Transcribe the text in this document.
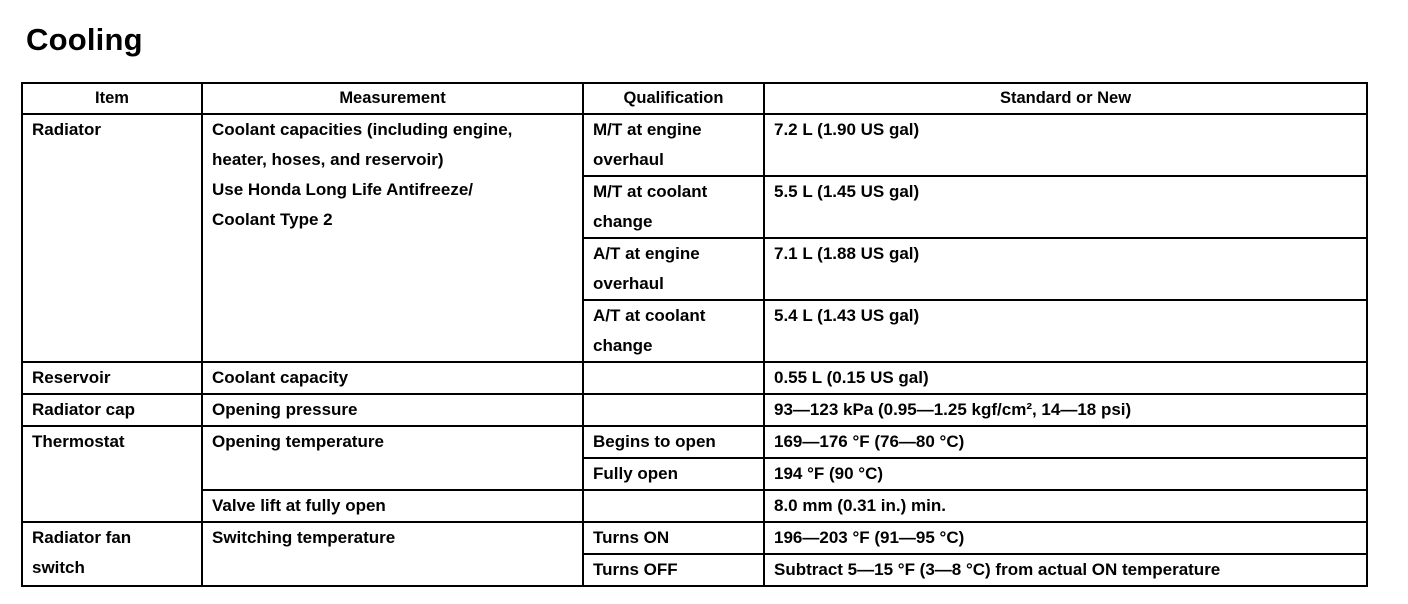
Cooling
Item	Measurement	Qualification	Standard or New
Radiator	Coolant capacities (including engine,
heater, hoses, and reservoir)
Use Honda Long Life Antifreeze/
Coolant Type 2	M/T at engine
overhaul	7.2 L (1.90 US gal)

		M/T at coolant
change	5.5 L (1.45 US gal)

		A/T at engine
overhaul	7.1 L (1.88 US gal)

		A/T at coolant
change	5.4 L (1.43 US gal)
Reservoir	Coolant capacity		0.55 L (0.15 US gal)
Radiator cap	Opening pressure		93—123 kPa (0.95—1.25 kgf/cm², 14—18 psi)
Thermostat	Opening temperature	Begins to open	169—176 °F (76—80 °C)
		Fully open	194 °F (90 °C)
	Valve lift at fully open		8.0 mm (0.31 in.) min.

Radiator fan
switch	Switching temperature	Turns ON	196—203 °F (91—95 °C)
		Turns OFF	Subtract 5—15 °F (3—8 °C) from actual ON temperature
